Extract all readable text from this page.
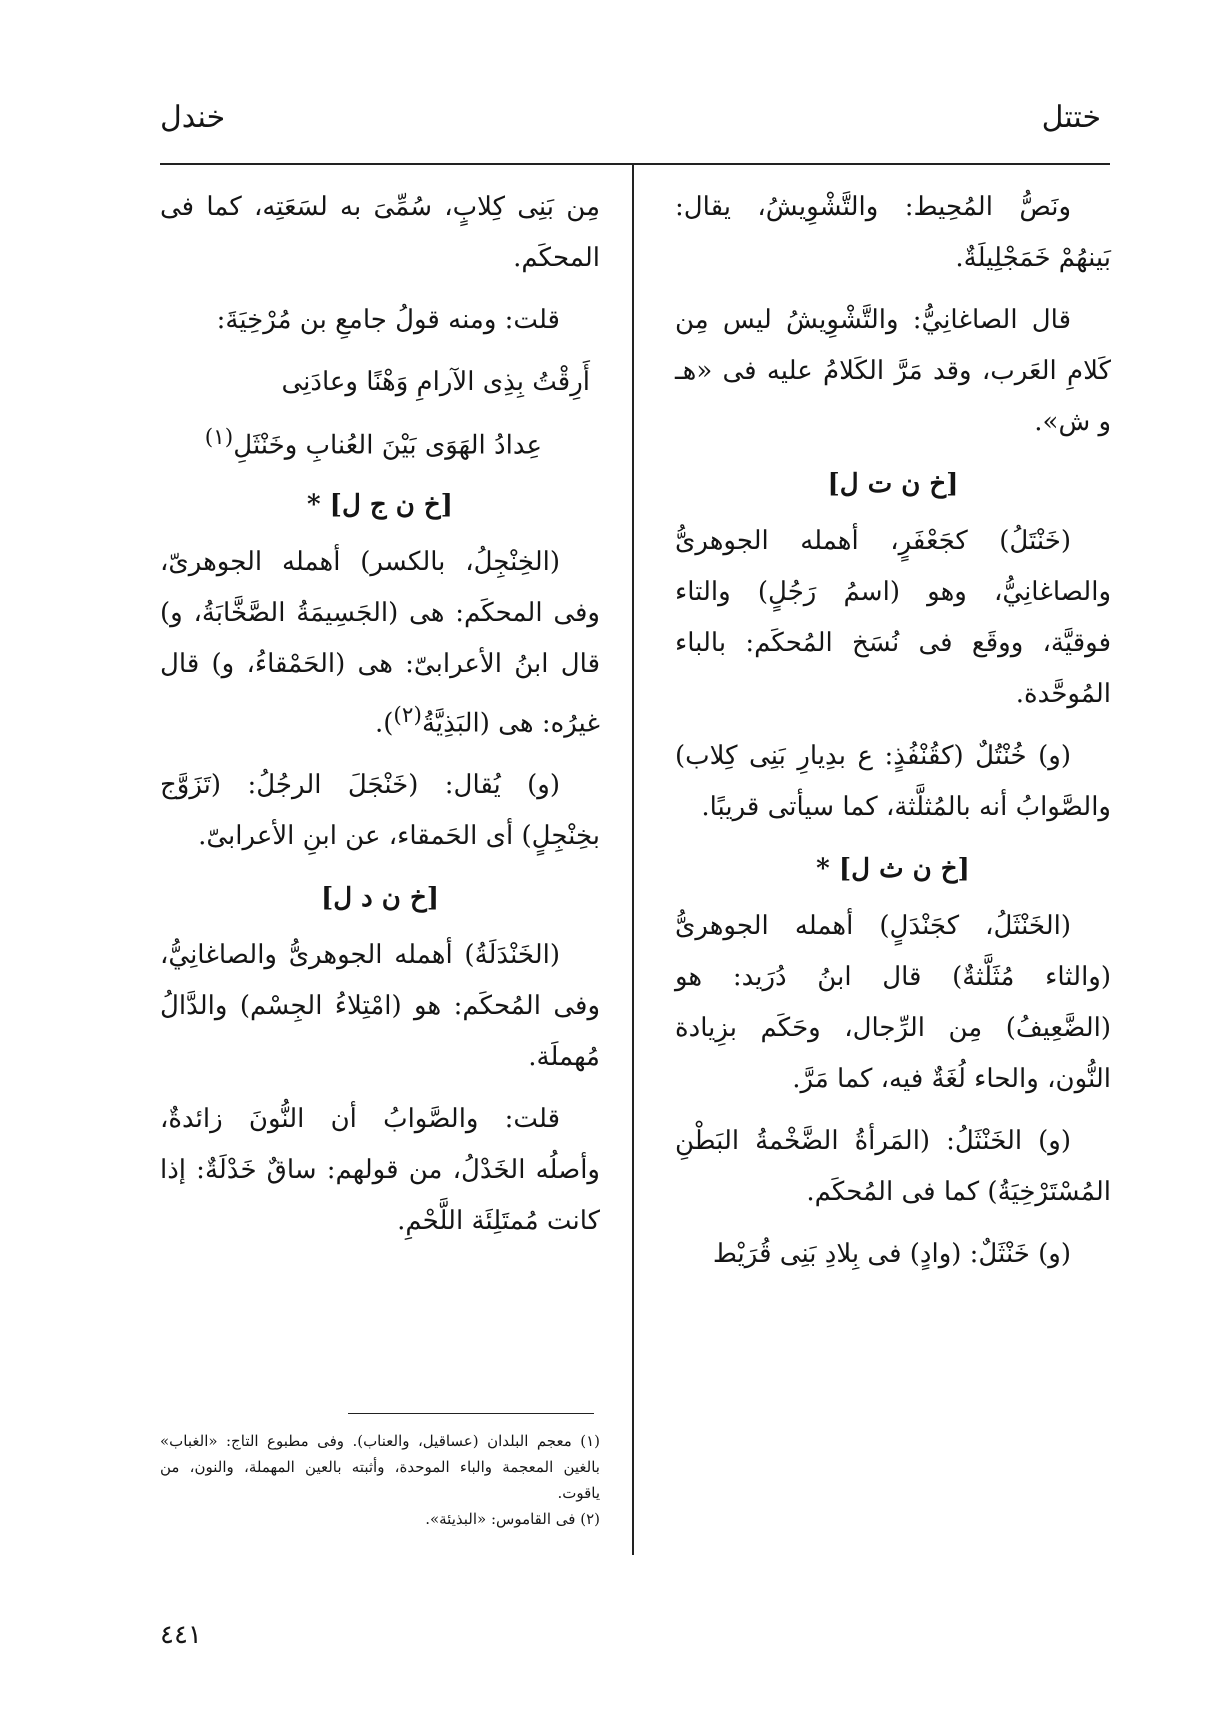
ختتل
خندل

ونَصُّ المُحِيط: والتَّشْوِيشُ، يقال: بَينهُمْ خَمَجْلِيلَةٌ.

قال الصاغانِيُّ: والتَّشْوِيشُ ليس مِن كَلامِ العَرب، وقد مَرَّ الكَلامُ عليه فى «هـ و ش».

[خ ن ت ل]

(خَنْتَلُ) كجَعْفَرٍ، أهمله الجوهرىُّ والصاغانِيُّ، وهو (اسمُ رَجُلٍ) والتاء فوقيَّة، ووقَع فى نُسَخ المُحكَم: بالباء المُوحَّدة.

(و) خُنْتُلٌ (كقُنْفُذٍ: ع بدِيارِ بَنِى كِلاب) والصَّوابُ أنه بالمُثلَّثة، كما سيأتى قريبًا.

[خ ن ث ل] *

(الخَنْثَلُ، كجَنْدَلٍ) أهمله الجوهرىُّ (والثاء مُثَلَّثةٌ) قال ابنُ دُرَيد: هو (الضَّعِيفُ) مِن الرِّجال، وحَكَم بزِيادة النُّون، والحاء لُغَةٌ فيه، كما مَرَّ.

(و) الخَنْثَلُ: (المَرأةُ الضَّخْمةُ البَطْنِ المُسْتَرْخِيَةُ) كما فى المُحكَم.

(و) خَنْثَلٌ: (وادٍ) فى بِلادِ بَنِى قُرَيْط

مِن بَنِى كِلابٍ، سُمِّىَ به لسَعَتِه، كما فى المحكَم.

قلت: ومنه قولُ جامعِ بن مُرْخِيَةَ:

أَرِقْتُ بِذِى الآرامِ وَهْنًا وعادَنِى

عِدادُ الهَوَى بَيْنَ العُنابِ وخَنْثَلِ$^{(١)}$

[خ ن ج ل] *

(الخِنْجِلُ، بالكسر) أهمله الجوهرىّ، وفى المحكَم: هى (الجَسِيمَةُ الصَّخَّابَةُ، و) قال ابنُ الأعرابىّ: هى (الحَمْقاءُ، و) قال غيرُه: هى (البَذِيَّةُ$^{(٢)}$).

(و) يُقال: (خَنْجَلَ الرجُلُ: (تَزَوَّج بخِنْجِلٍ) أى الحَمقاء، عن ابنِ الأعرابىّ.

[خ ن د ل]

(الخَنْدَلَةُ) أهمله الجوهرىُّ والصاغانِيُّ، وفى المُحكَم: هو (امْتِلاءُ الجِسْم) والدَّالُ مُهملَة.

قلت: والصَّوابُ أن النُّونَ زائدةٌ، وأصلُه الخَدْلُ، من قولهم: ساقٌ خَدْلَةٌ: إذا كانت مُمتَلِئَة اللَّحْمِ.

(١) معجم البلدان (عساقيل، والعناب). وفى مطبوع التاج: «الغباب» بالغين المعجمة والباء الموحدة، وأثبته بالعين المهملة، والنون، من ياقوت.

(٢) فى القاموس: «البذيئة».

٤٤١
